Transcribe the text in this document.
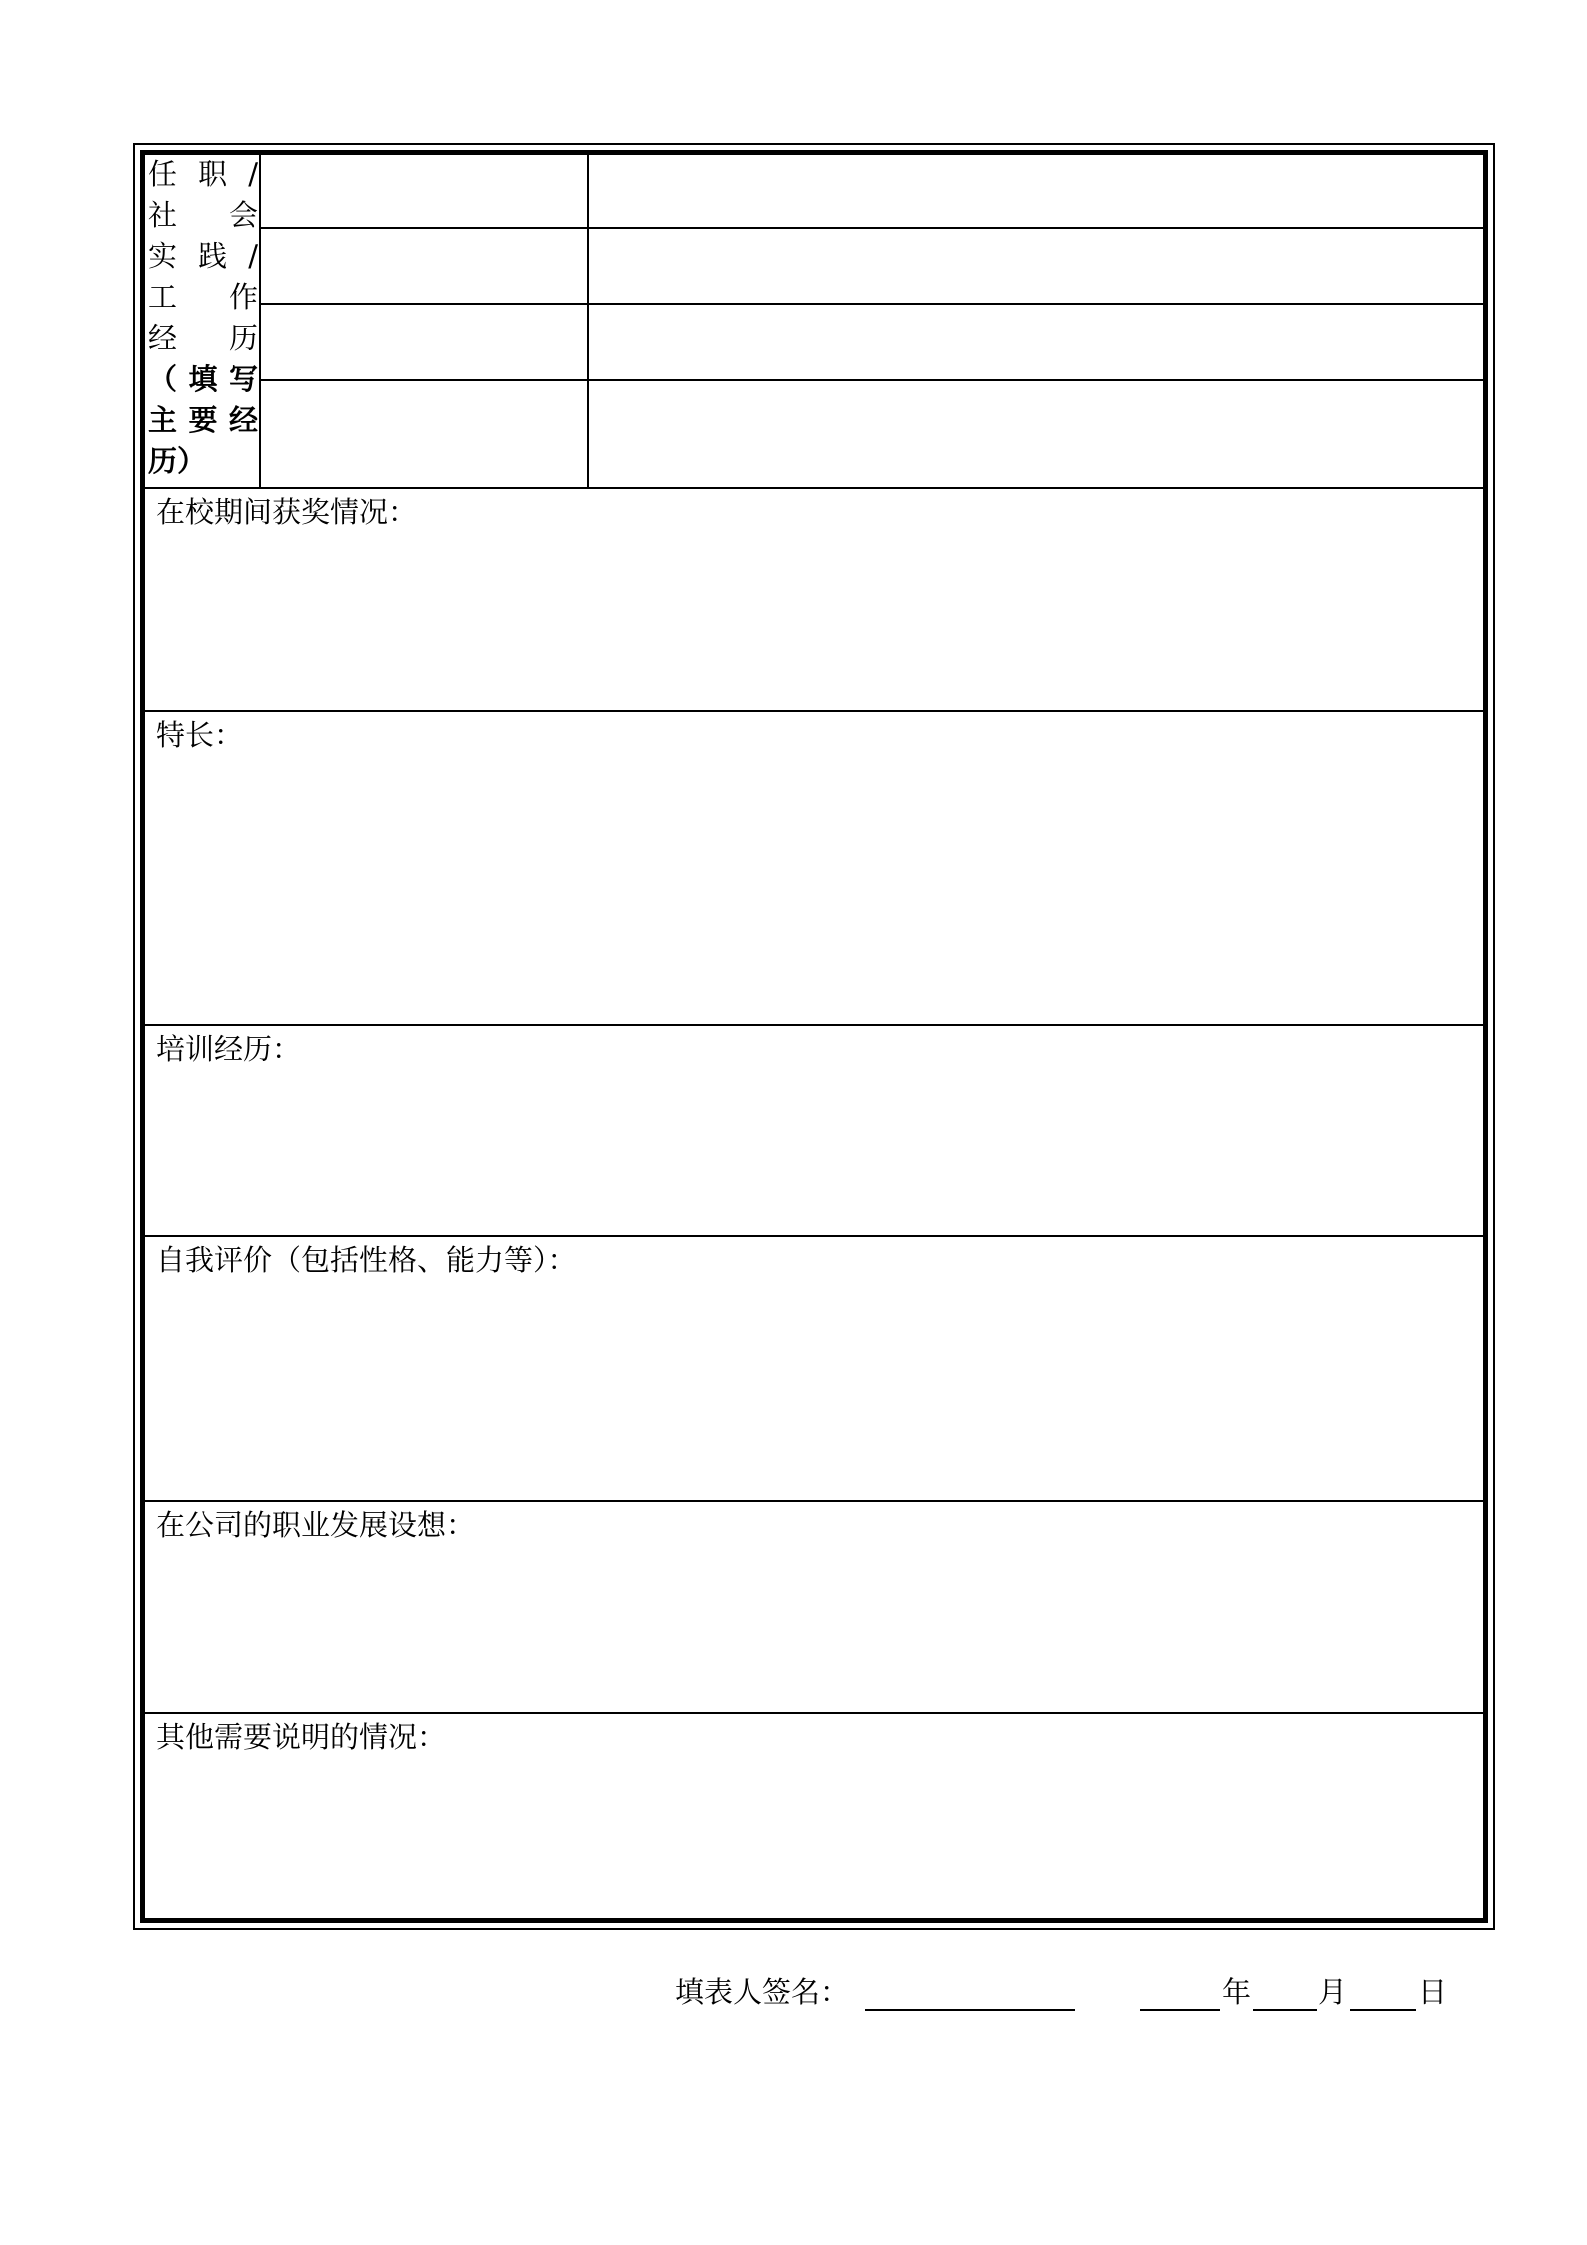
任 职 /
社 会
实 践 /
工 作
经 历
（ 填 写
主 要 经
历 ）
在校期间获奖情况：
特长：
培训经历：
自我评价（包括性格、能力等）：
在公司的职业发展设想：
其他需要说明的情况：
填表人签名：	年 月 日
